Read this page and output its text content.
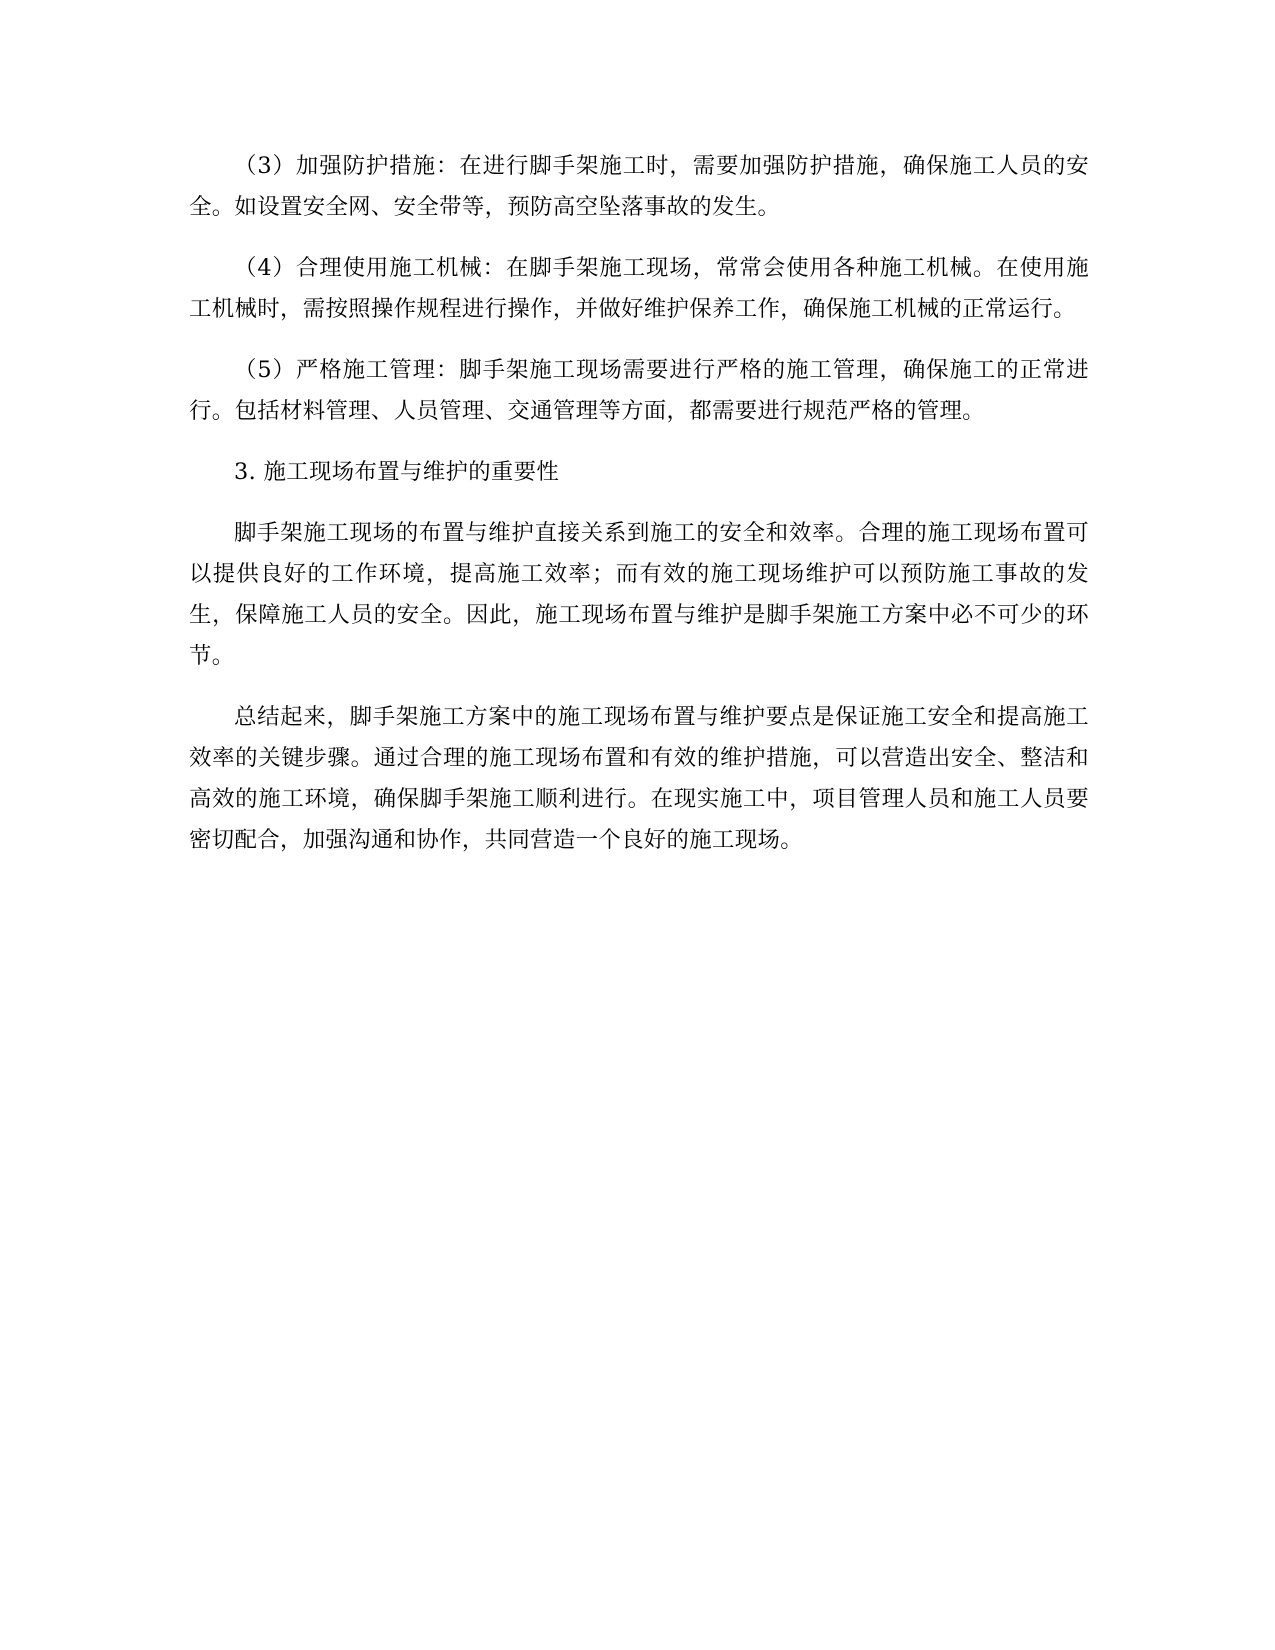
（3）加强防护措施：在进行脚手架施工时，需要加强防护措施，确保施工人员的安全。如设置安全网、安全带等，预防高空坠落事故的发生。

（4）合理使用施工机械：在脚手架施工现场，常常会使用各种施工机械。在使用施工机械时，需按照操作规程进行操作，并做好维护保养工作，确保施工机械的正常运行。

（5）严格施工管理：脚手架施工现场需要进行严格的施工管理，确保施工的正常进行。包括材料管理、人员管理、交通管理等方面，都需要进行规范严格的管理。

3. 施工现场布置与维护的重要性

脚手架施工现场的布置与维护直接关系到施工的安全和效率。合理的施工现场布置可以提供良好的工作环境，提高施工效率；而有效的施工现场维护可以预防施工事故的发生，保障施工人员的安全。因此，施工现场布置与维护是脚手架施工方案中必不可少的环节。

总结起来，脚手架施工方案中的施工现场布置与维护要点是保证施工安全和提高施工效率的关键步骤。通过合理的施工现场布置和有效的维护措施，可以营造出安全、整洁和高效的施工环境，确保脚手架施工顺利进行。在现实施工中，项目管理人员和施工人员要密切配合，加强沟通和协作，共同营造一个良好的施工现场。
